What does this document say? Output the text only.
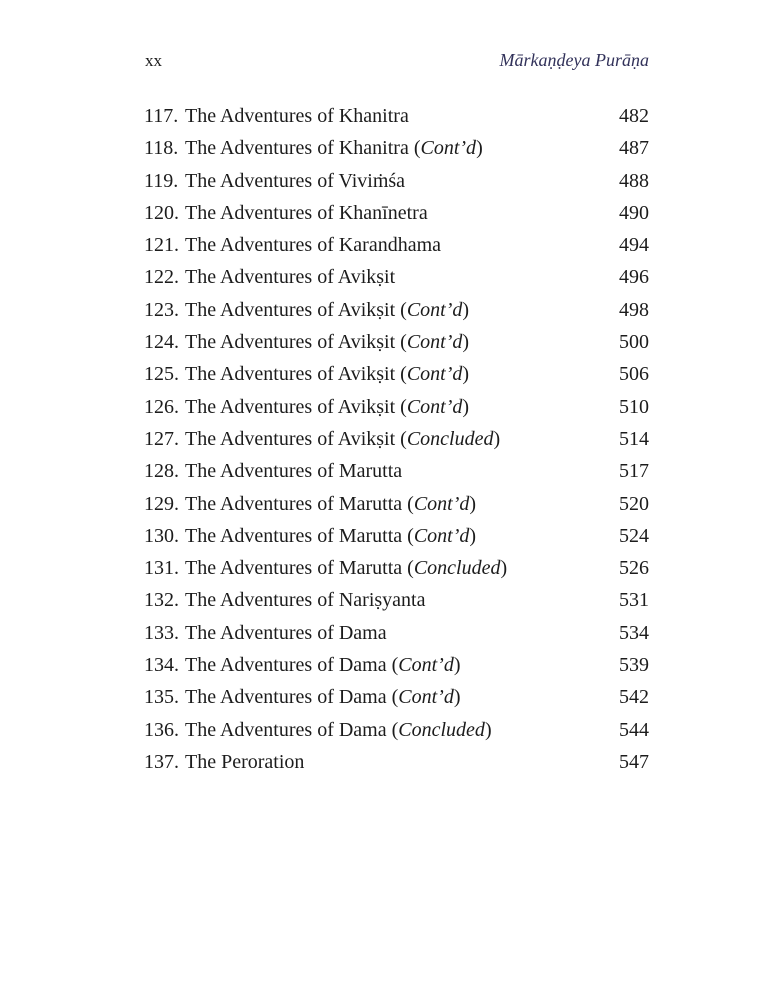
xx	Mārkaṇḍeya Purāṇa
117. The Adventures of Khanitra	482
118. The Adventures of Khanitra (Cont’d)	487
119. The Adventures of Viviṁśa	488
120. The Adventures of Khanīnetra	490
121. The Adventures of Karandhama	494
122. The Adventures of Avikṣit	496
123. The Adventures of Avikṣit (Cont’d)	498
124. The Adventures of Avikṣit (Cont’d)	500
125. The Adventures of Avikṣit (Cont’d)	506
126. The Adventures of Avikṣit (Cont’d)	510
127. The Adventures of Avikṣit (Concluded)	514
128. The Adventures of Marutta	517
129. The Adventures of Marutta (Cont’d)	520
130. The Adventures of Marutta (Cont’d)	524
131. The Adventures of Marutta (Concluded)	526
132. The Adventures of Nariṣyanta	531
133. The Adventures of Dama	534
134. The Adventures of Dama (Cont’d)	539
135. The Adventures of Dama (Cont’d)	542
136. The Adventures of Dama (Concluded)	544
137. The Peroration	547
